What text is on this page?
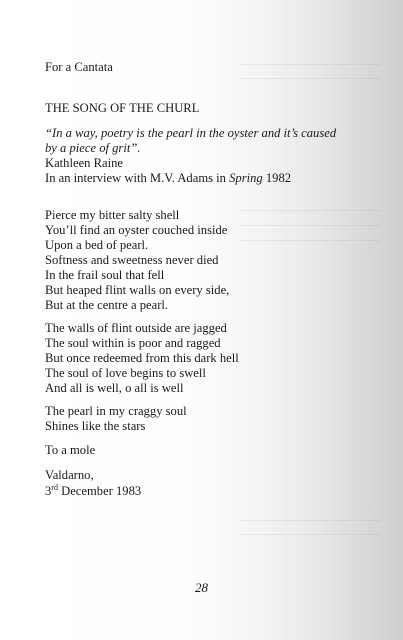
For a Cantata
THE SONG OF THE CHURL
“In a way, poetry is the pearl in the oyster and it’s caused
by a piece of grit”.
Kathleen Raine
In an interview with M.V. Adams in Spring 1982
Pierce my bitter salty shell
You’ll find an oyster couched inside
Upon a bed of pearl.
Softness and sweetness never died
In the frail soul that fell
But heaped flint walls on every side,
But at the centre a pearl.
The walls of flint outside are jagged
The soul within is poor and ragged
But once redeemed from this dark hell
The soul of love begins to swell
And all is well, o all is well
The pearl in my craggy soul
Shines like the stars
To a mole
Valdarno,
3rd December 1983
28
